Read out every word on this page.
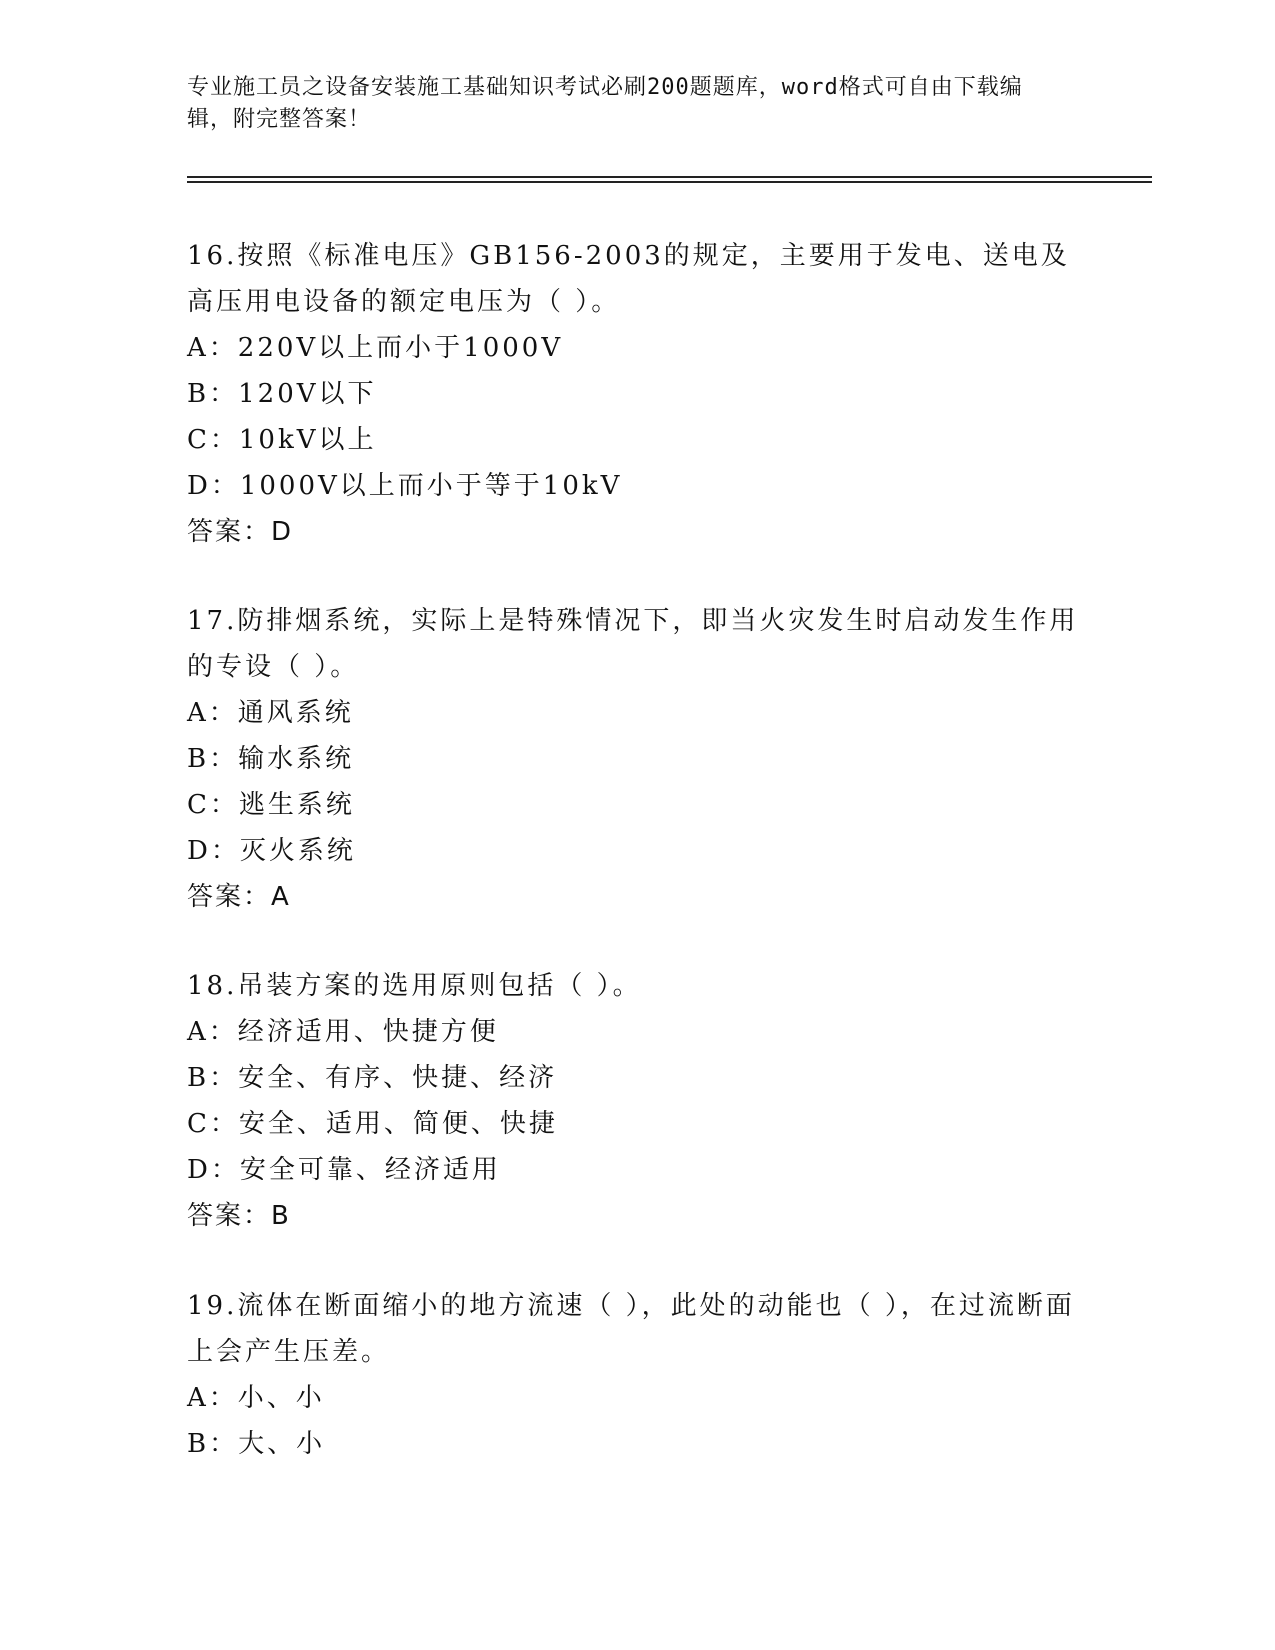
专业施工员之设备安装施工基础知识考试必刷200题题库，word格式可自由下载编辑，附完整答案！
16.按照《标准电压》GB156-2003的规定，主要用于发电、送电及高压用电设备的额定电压为（ ）。
A：220V以上而小于1000V
B：120V以下
C：10kV以上
D：1000V以上而小于等于10kV
答案：D
17.防排烟系统，实际上是特殊情况下，即当火灾发生时启动发生作用的专设（ ）。
A：通风系统
B：输水系统
C：逃生系统
D：灭火系统
答案：A
18.吊装方案的选用原则包括（ ）。
A：经济适用、快捷方便
B：安全、有序、快捷、经济
C：安全、适用、简便、快捷
D：安全可靠、经济适用
答案：B
19.流体在断面缩小的地方流速（ ），此处的动能也（ ），在过流断面上会产生压差。
A：小、小
B：大、小
